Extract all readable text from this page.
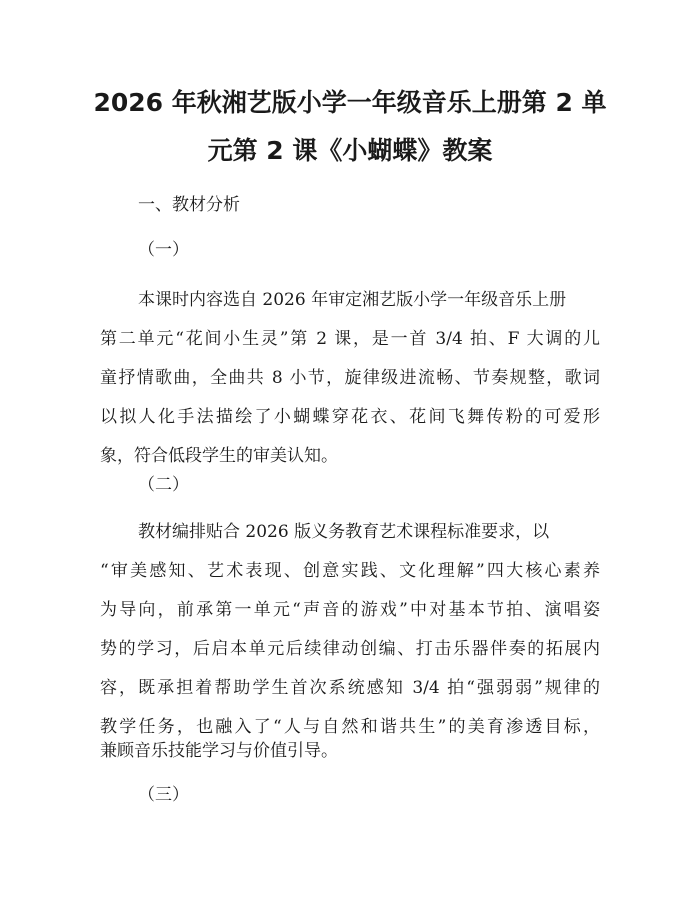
2026 年秋湘艺版小学一年级音乐上册第 2 单
元第 2 课《小蝴蝶》教案

一、教材分析

（一）

本课时内容选自 2026 年审定湘艺版小学一年级音乐上册

第二单元“花间小生灵”第 2 课，是一首 3/4 拍、F 大调的儿

童抒情歌曲，全曲共 8 小节，旋律级进流畅、节奏规整，歌词

以拟人化手法描绘了小蝴蝶穿花衣、花间飞舞传粉的可爱形

象，符合低段学生的审美认知。

（二）

教材编排贴合 2026 版义务教育艺术课程标准要求，以

“审美感知、艺术表现、创意实践、文化理解”四大核心素养

为导向，前承第一单元“声音的游戏”中对基本节拍、演唱姿

势的学习，后启本单元后续律动创编、打击乐器伴奏的拓展内

容，既承担着帮助学生首次系统感知 3/4 拍“强弱弱”规律的

教学任务，也融入了“人与自然和谐共生”的美育渗透目标，

兼顾音乐技能学习与价值引导。

（三）
